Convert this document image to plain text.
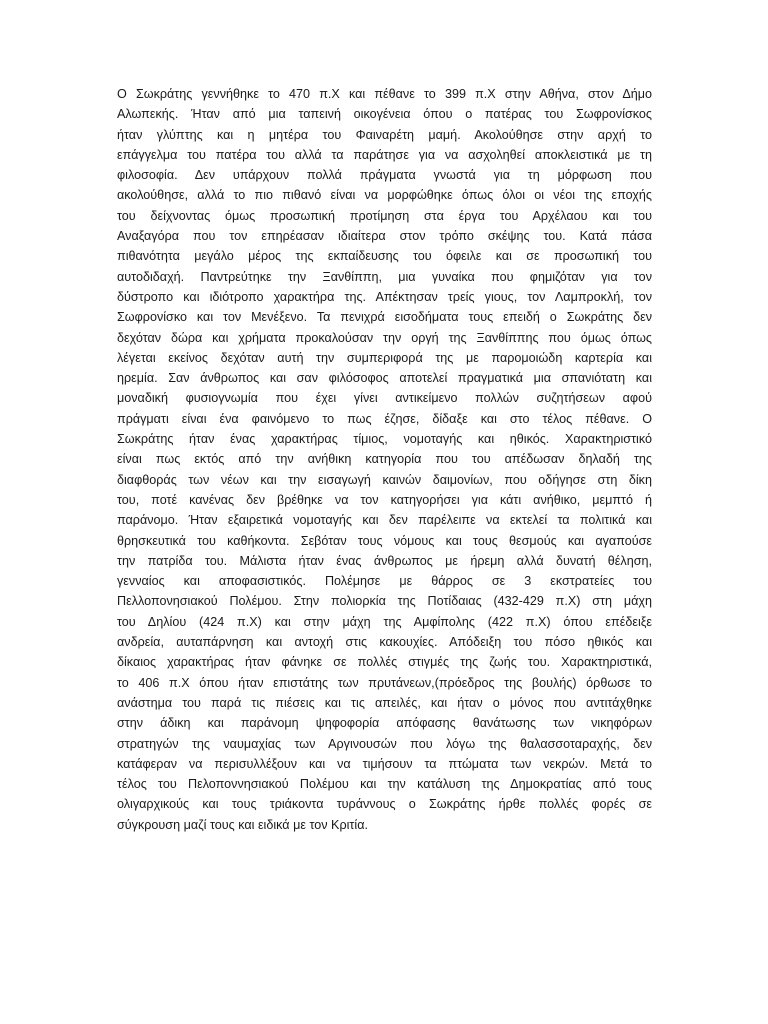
Ο Σωκράτης γεννήθηκε το 470 π.Χ και πέθανε το 399 π.Χ στην Αθήνα, στον Δήμο
Αλωπεκής. Ήταν από μια ταπεινή οικογένεια όπου ο πατέρας του Σωφρονίσκος
ήταν γλύπτης και η μητέρα του Φαιναρέτη μαμή. Ακολούθησε στην αρχή το
επάγγελμα του πατέρα του αλλά τα παράτησε για να ασχοληθεί αποκλειστικά με τη
φιλοσοφία. Δεν υπάρχουν πολλά πράγματα γνωστά για τη μόρφωση που
ακολούθησε, αλλά το πιο πιθανό είναι να μορφώθηκε όπως όλοι οι νέοι της εποχής
του δείχνοντας όμως προσωπική προτίμηση στα έργα του Αρχέλαου και του
Αναξαγόρα που τον επηρέασαν ιδιαίτερα στον τρόπο σκέψης του. Κατά πάσα
πιθανότητα μεγάλο μέρος της εκπαίδευσης του όφειλε και σε προσωπική του
αυτοδιδαχή. Παντρεύτηκε την Ξανθίππη, μια γυναίκα που φημιζόταν για τον
δύστροπο και ιδιότροπο χαρακτήρα της. Απέκτησαν τρείς γιους, τον Λαμπροκλή, τον
Σωφρονίσκο και τον Μενέξενο. Τα πενιχρά εισοδήματα τους επειδή ο Σωκράτης δεν
δεχόταν δώρα και χρήματα προκαλούσαν την οργή της Ξανθίππης που όμως όπως
λέγεται εκείνος δεχόταν αυτή την συμπεριφορά της με παρομοιώδη καρτερία και
ηρεμία. Σαν άνθρωπος και σαν φιλόσοφος αποτελεί πραγματικά μια σπανιότατη και
μοναδική φυσιογνωμία που έχει γίνει αντικείμενο πολλών συζητήσεων αφού
πράγματι είναι ένα φαινόμενο το πως έζησε, δίδαξε και στο τέλος πέθανε. Ο
Σωκράτης ήταν ένας χαρακτήρας τίμιος, νομοταγής και ηθικός. Χαρακτηριστικό
είναι πως εκτός από την ανήθικη κατηγορία που του απέδωσαν δηλαδή της
διαφθοράς των νέων και την εισαγωγή καινών δαιμονίων, που οδήγησε στη δίκη
του, ποτέ κανένας δεν βρέθηκε να τον κατηγορήσει για κάτι ανήθικο, μεμπτό ή
παράνομο. Ήταν εξαιρετικά νομοταγής και δεν παρέλειπε να εκτελεί τα πολιτικά και
θρησκευτικά του καθήκοντα. Σεβόταν τους νόμους και τους θεσμούς και αγαπούσε
την πατρίδα του. Μάλιστα ήταν ένας άνθρωπος με ήρεμη αλλά δυνατή θέληση,
γενναίος και αποφασιστικός. Πολέμησε με θάρρος σε 3 εκστρατείες του
Πελλοπονησιακού Πολέμου. Στην πολιορκία της Ποτίδαιας (432-429 π.Χ) στη μάχη
του Δηλίου (424 π.Χ) και στην μάχη της Αμφίπολης (422 π.Χ) όπου επέδειξε
ανδρεία, αυταπάρνηση και αντοχή στις κακουχίες. Απόδειξη του πόσο ηθικός και
δίκαιος χαρακτήρας ήταν φάνηκε σε πολλές στιγμές της ζωής του. Χαρακτηριστικά,
το 406 π.Χ όπου ήταν επιστάτης των πρυτάνεων,(πρόεδρος της βουλής) όρθωσε το
ανάστημα του παρά τις πιέσεις και τις απειλές, και ήταν ο μόνος που αντιτάχθηκε
στην άδικη και παράνομη ψηφοφορία απόφασης θανάτωσης των νικηφόρων
στρατηγών της ναυμαχίας των Αργινουσών που λόγω της θαλασσοταραχής, δεν
κατάφεραν να περισυλλέξουν και να τιμήσουν τα πτώματα των νεκρών. Μετά το
τέλος του Πελοποννησιακού Πολέμου και την κατάλυση της Δημοκρατίας από τους
ολιγαρχικούς και τους τριάκοντα τυράννους ο Σωκράτης ήρθε πολλές φορές σε
σύγκρουση μαζί τους και ειδικά με τον Κριτία.
